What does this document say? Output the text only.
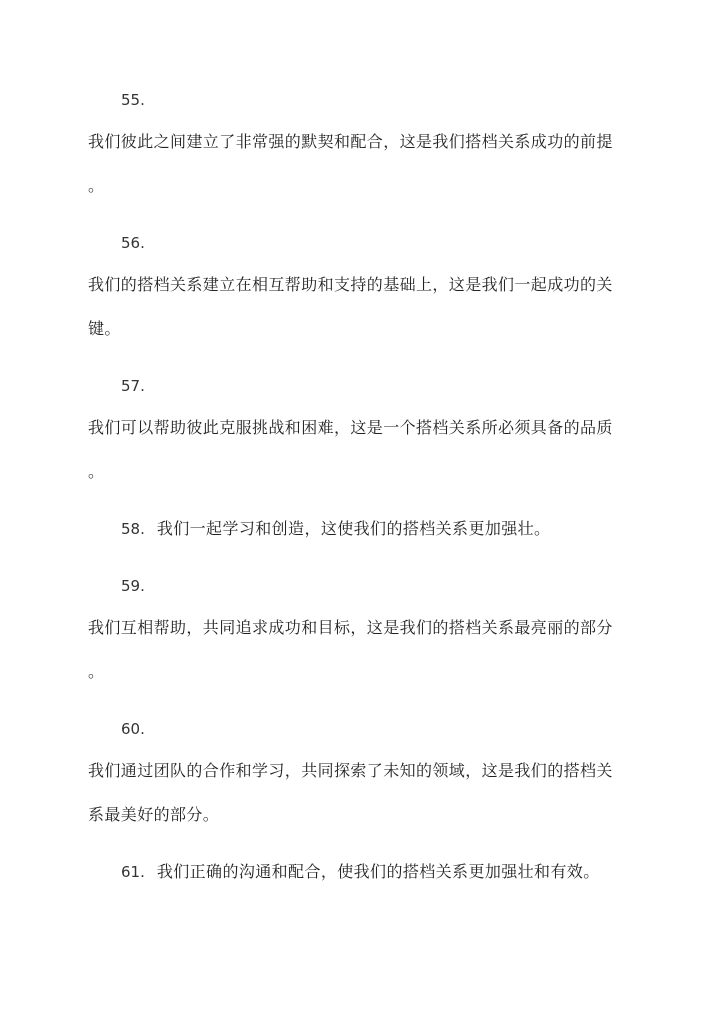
55.
我们彼此之间建立了非常强的默契和配合，这是我们搭档关系成功的前提
。
56.
我们的搭档关系建立在相互帮助和支持的基础上，这是我们一起成功的关
键。
57.
我们可以帮助彼此克服挑战和困难，这是一个搭档关系所必须具备的品质
。
58. 我们一起学习和创造，这使我们的搭档关系更加强壮。
59.
我们互相帮助，共同追求成功和目标，这是我们的搭档关系最亮丽的部分
。
60.
我们通过团队的合作和学习，共同探索了未知的领域，这是我们的搭档关
系最美好的部分。
61. 我们正确的沟通和配合，使我们的搭档关系更加强壮和有效。
